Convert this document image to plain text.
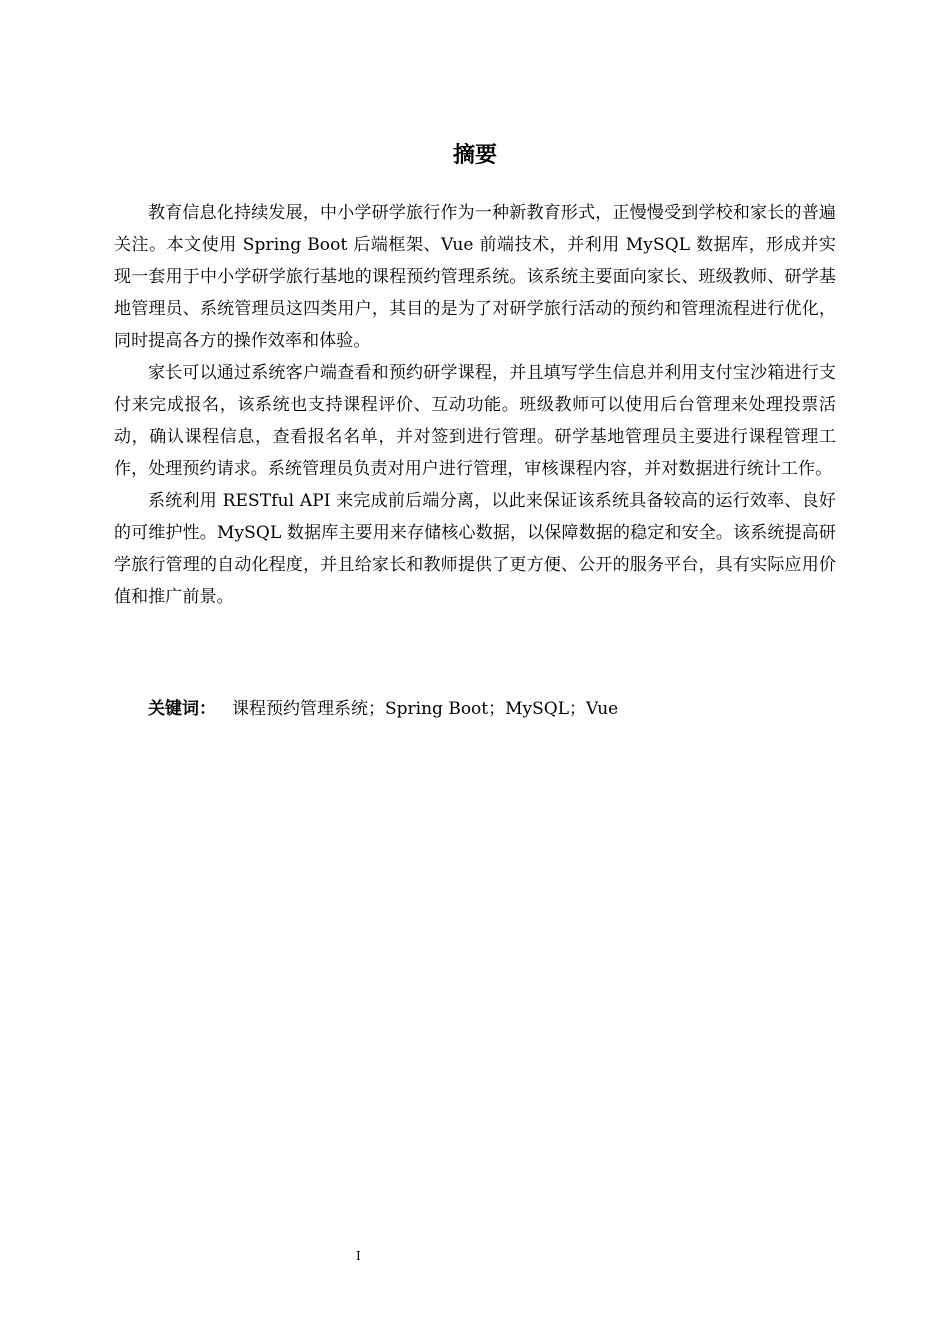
摘要

教育信息化持续发展，中小学研学旅行作为一种新教育形式，正慢慢受到学校和家长的普遍关注。本文使用 Spring Boot 后端框架、Vue 前端技术，并利用 MySQL 数据库，形成并实现一套用于中小学研学旅行基地的课程预约管理系统。该系统主要面向家长、班级教师、研学基地管理员、系统管理员这四类用户，其目的是为了对研学旅行活动的预约和管理流程进行优化，同时提高各方的操作效率和体验。

家长可以通过系统客户端查看和预约研学课程，并且填写学生信息并利用支付宝沙箱进行支付来完成报名，该系统也支持课程评价、互动功能。班级教师可以使用后台管理来处理投票活动，确认课程信息，查看报名名单，并对签到进行管理。研学基地管理员主要进行课程管理工作，处理预约请求。系统管理员负责对用户进行管理，审核课程内容，并对数据进行统计工作。

系统利用 RESTful API 来完成前后端分离，以此来保证该系统具备较高的运行效率、良好的可维护性。MySQL 数据库主要用来存储核心数据，以保障数据的稳定和安全。该系统提高研学旅行管理的自动化程度，并且给家长和教师提供了更方便、公开的服务平台，具有实际应用价值和推广前景。

关键词： 课程预约管理系统；Spring Boot；MySQL；Vue
I
